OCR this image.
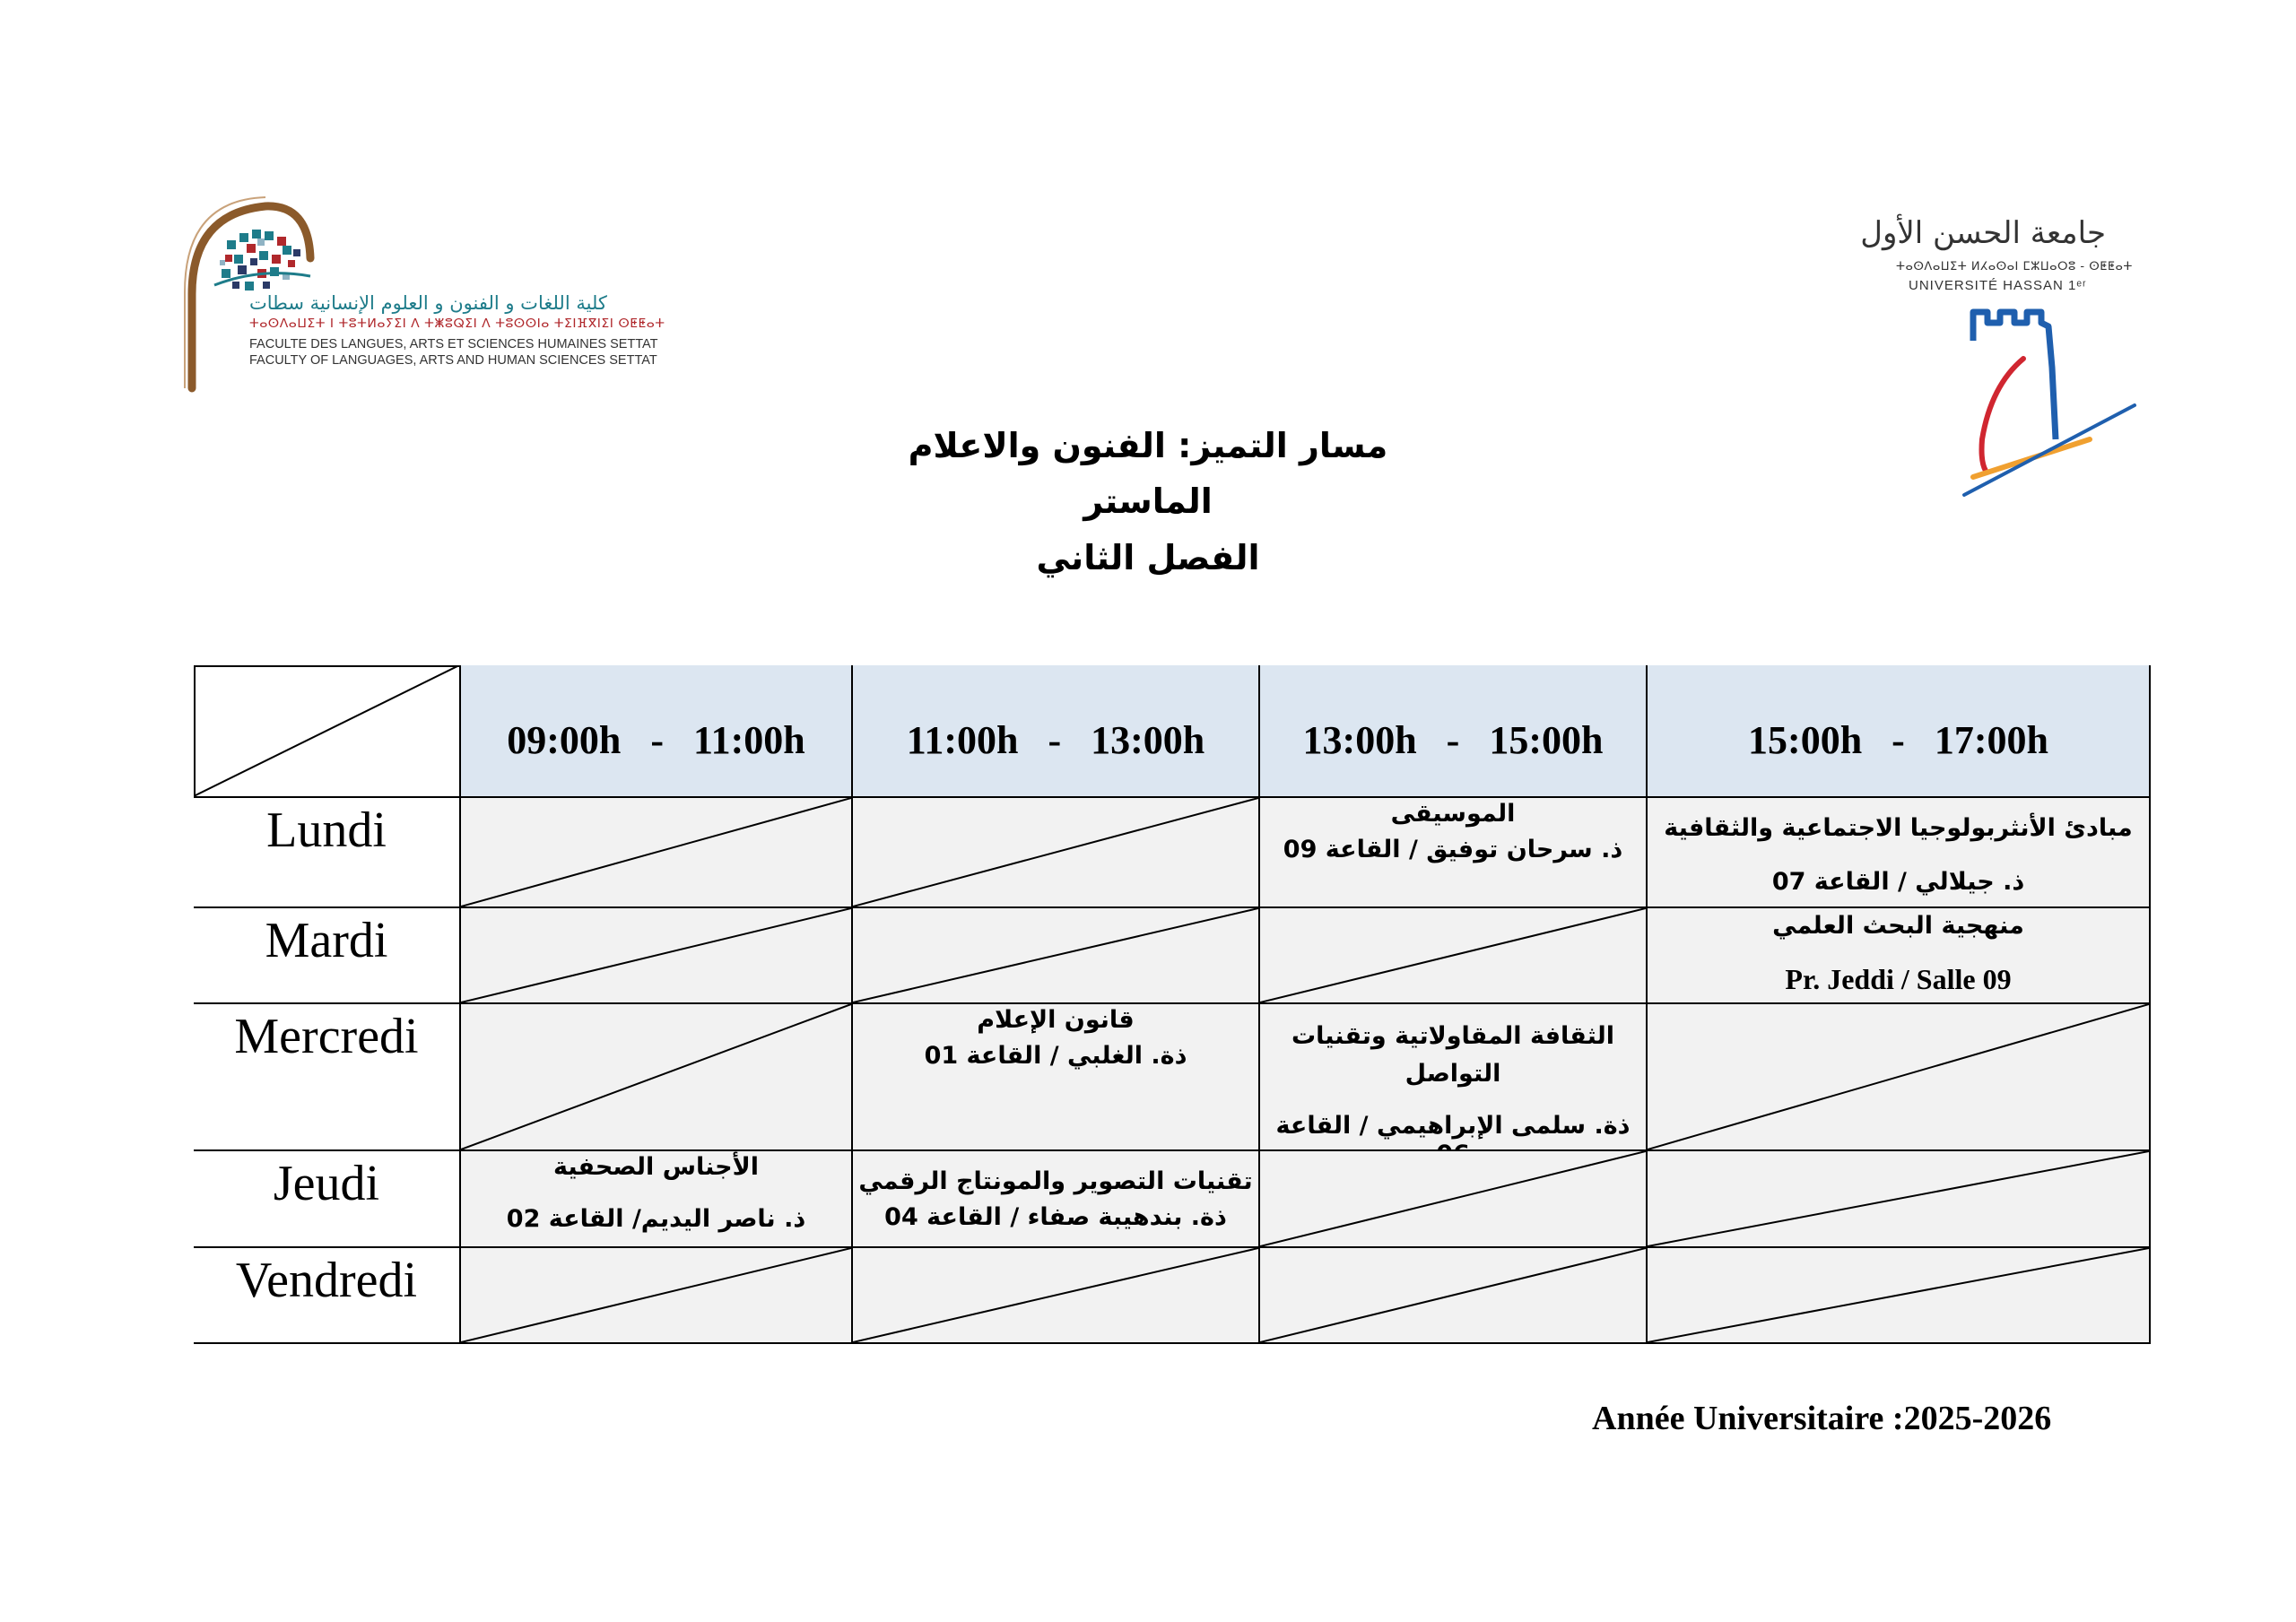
كلية اللغات و الفنون و العلوم الإنسانية سطات
ⵜⴰⵙⴷⴰⵡⵉⵜ ⵏ ⵜⵓⵜⵍⴰⵢⵉⵏ ⴷ ⵜⵥⵓⵕⵉⵏ ⴷ ⵜⵓⵙⵙⵏⴰ ⵜⵉⵏⴼⴳⵏⵉⵏ ⵙⵟⵟⴰⵜ
FACULTE DES LANGUES, ARTS ET SCIENCES HUMAINES SETTAT
FACULTY OF LANGUAGES, ARTS AND HUMAN SCIENCES SETTAT
جامعة الحسن الأول
ⵜⴰⵙⴷⴰⵡⵉⵜ ⵍⵃⴰⵙⴰⵏ ⵎⵣⵡⴰⵔⵓ - ⵙⵟⵟⴰⵜ
UNIVERSITÉ HASSAN 1ᵉʳ
مسار التميز: الفنون والاعلام
الماستر
الفصل الثاني
09:00h   -   11:00h	11:00h   -   13:00h 13:00h   -   15:00h	15:00h   -   17:00h
Lundi
Mardi
Mercredi
Jeudi
Vendredi
الموسيقى
ذ. سرحان توفيق / القاعة 09
مبادئ الأنثربولوجيا الاجتماعية والثقافية
ذ. جيلالي / القاعة 07
منهجية البحث العلمي
Pr. Jeddi / Salle 09
قانون الإعلام
ذة. الغلبي / القاعة 01
الثقافة المقاولاتية وتقنيات
التواصل
ذة. سلمى الإبراهيمي / القاعة
الأجناس الصحفية
ذ. ناصر اليديم/ القاعة 02
تقنيات التصوير والمونتاج الرقمي
ذة. بندهيبة صفاء / القاعة 04
Année Universitaire :2025-2026
